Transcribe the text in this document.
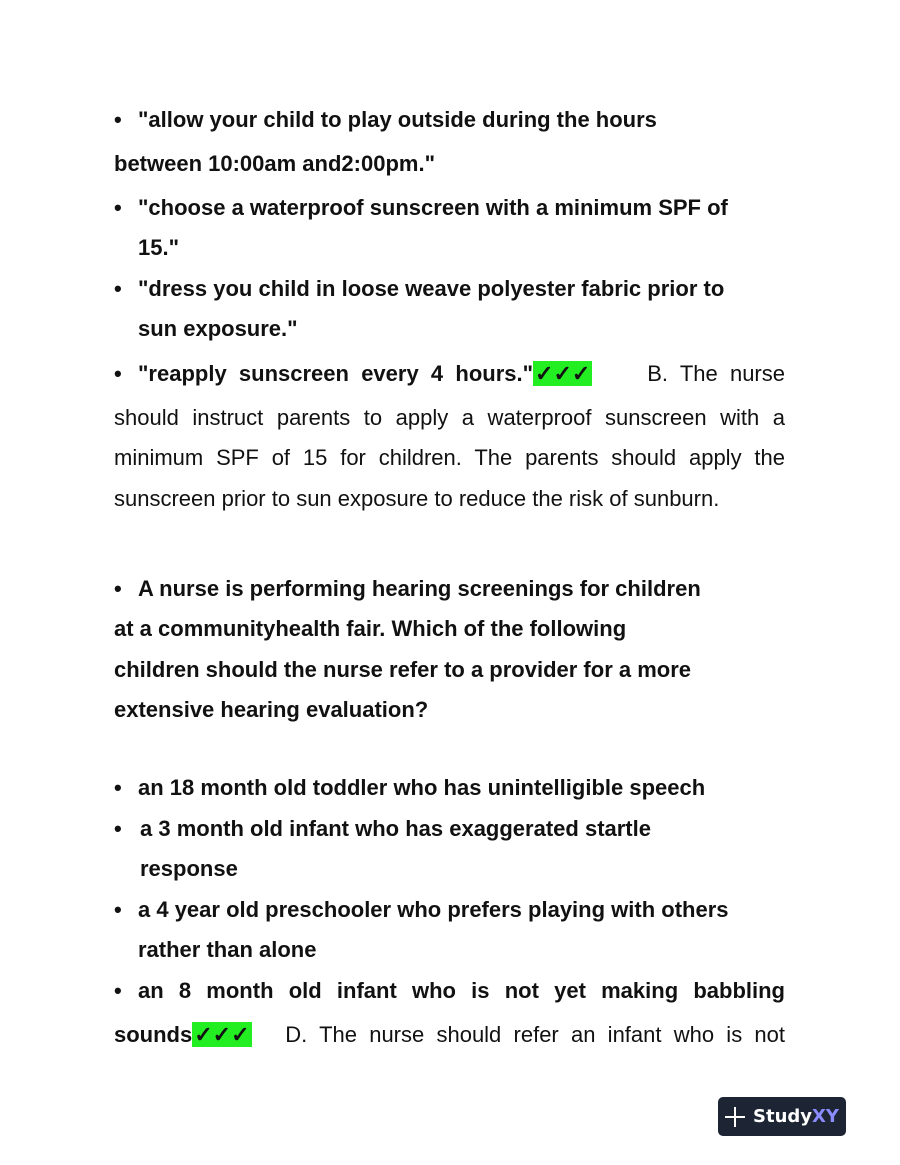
• "allow your child to play outside during the hours
between 10:00am and2:00pm."
• "choose a waterproof sunscreen with a minimum SPF of
15."
• "dress you child in loose weave polyester fabric prior to
sun exposure."
• "reapply  sunscreen  every  4  hours."✓✓✓	B.  The  nurse
should instruct parents to apply a waterproof sunscreen with a
minimum SPF of 15 for children. The parents should apply the
sunscreen prior to sun exposure to reduce the risk of sunburn.
• A nurse is performing hearing screenings for children
at a communityhealth fair. Which of the following
children should the nurse refer to a provider for a more
extensive hearing evaluation?
• an 18 month old toddler who has unintelligible speech
• a 3 month old infant who has exaggerated startle
response
• a 4 year old preschooler who prefers playing with others
rather than alone
• an 8 month old infant who is not yet making babbling
sounds✓✓✓ D.  The  nurse  should  refer  an  infant  who  is  not
Study XY
